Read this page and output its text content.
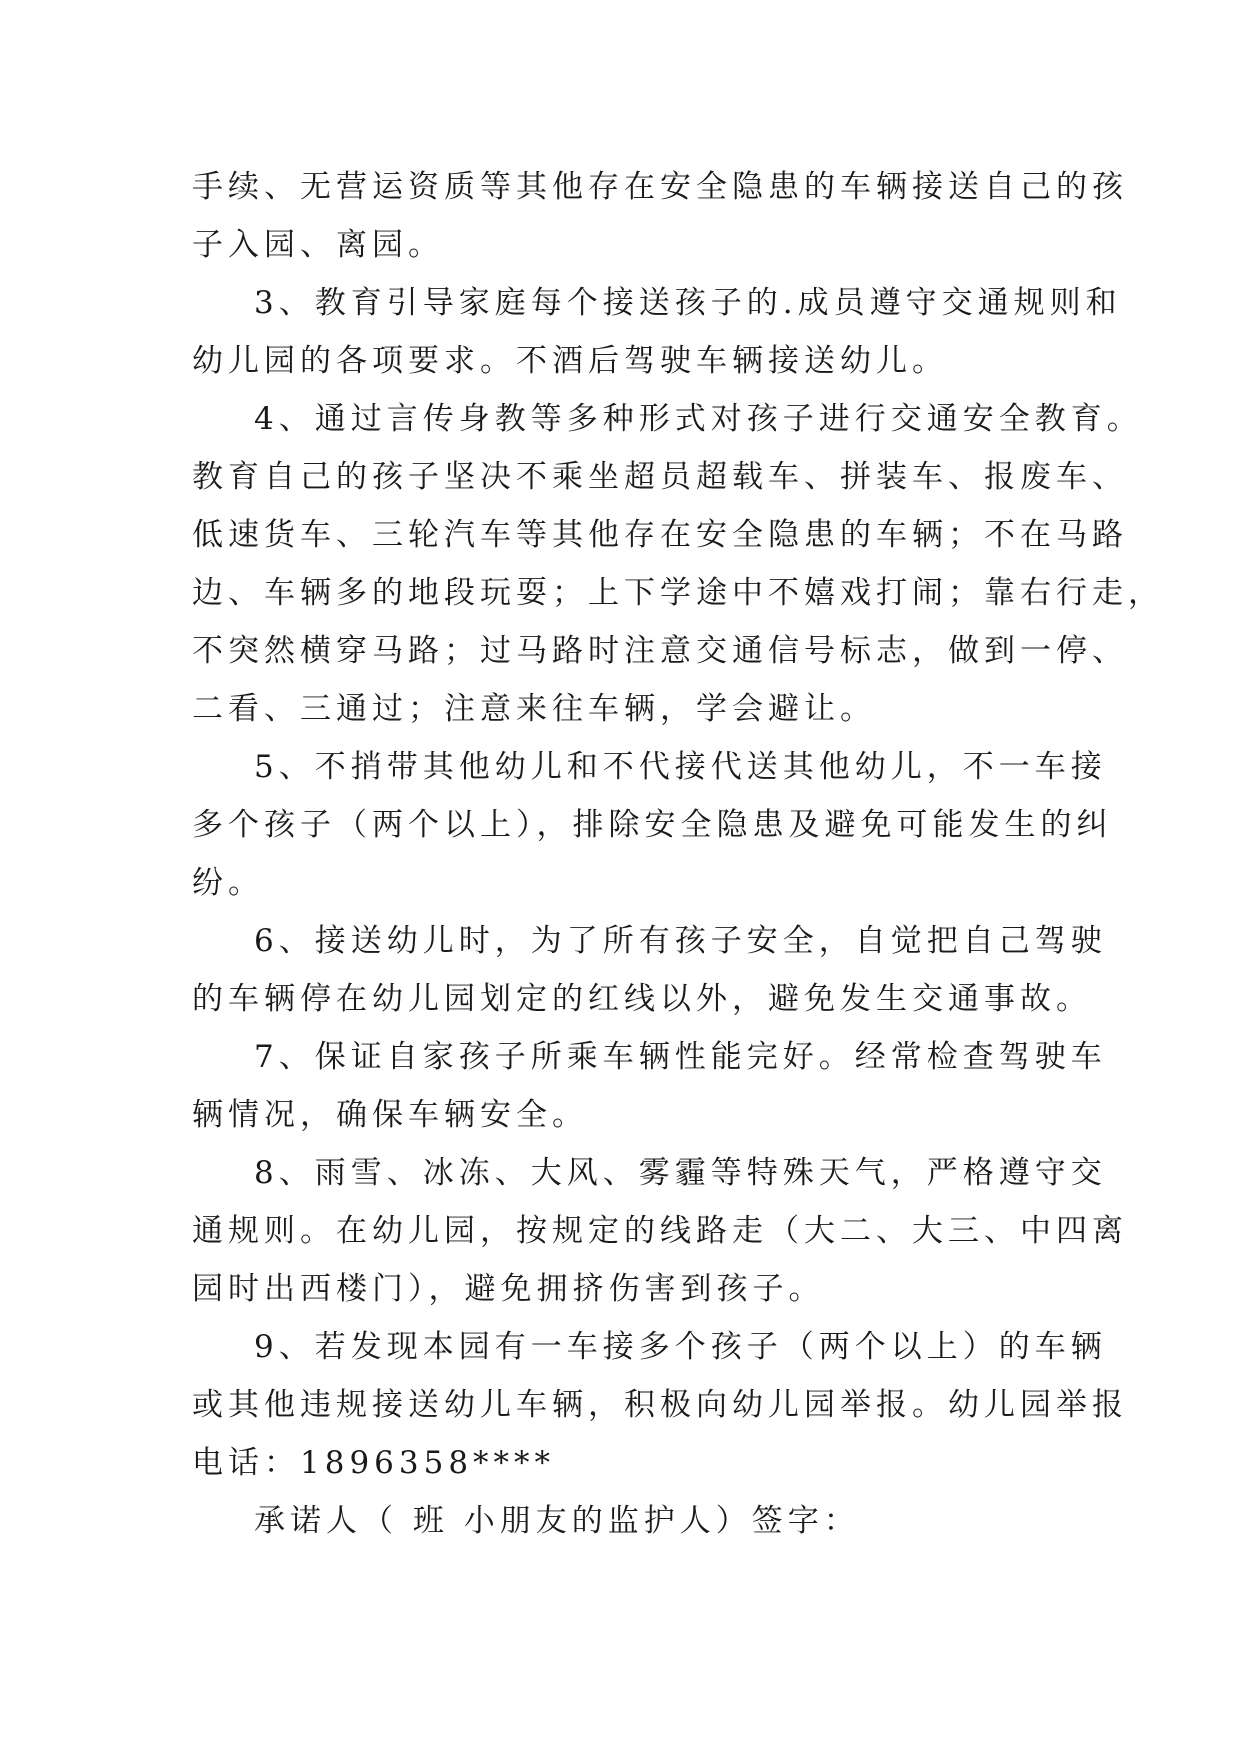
手续、无营运资质等其他存在安全隐患的车辆接送自己的孩
子入园、离园。
3、教育引导家庭每个接送孩子的.成员遵守交通规则和
幼儿园的各项要求。不酒后驾驶车辆接送幼儿。
4、通过言传身教等多种形式对孩子进行交通安全教育。
教育自己的孩子坚决不乘坐超员超载车、拼装车、报废车、
低速货车、三轮汽车等其他存在安全隐患的车辆；不在马路
边、车辆多的地段玩耍；上下学途中不嬉戏打闹；靠右行走，
不突然横穿马路；过马路时注意交通信号标志，做到一停、
二看、三通过；注意来往车辆，学会避让。
5、不捎带其他幼儿和不代接代送其他幼儿，不一车接
多个孩子（两个以上），排除安全隐患及避免可能发生的纠
纷。
6、接送幼儿时，为了所有孩子安全，自觉把自己驾驶
的车辆停在幼儿园划定的红线以外，避免发生交通事故。
7、保证自家孩子所乘车辆性能完好。经常检查驾驶车
辆情况，确保车辆安全。
8、雨雪、冰冻、大风、雾霾等特殊天气，严格遵守交
通规则。在幼儿园，按规定的线路走（大二、大三、中四离
园时出西楼门），避免拥挤伤害到孩子。
9、若发现本园有一车接多个孩子（两个以上）的车辆
或其他违规接送幼儿车辆，积极向幼儿园举报。幼儿园举报
电话：1896358****
承诺人（ 班 小朋友的监护人）签字：
